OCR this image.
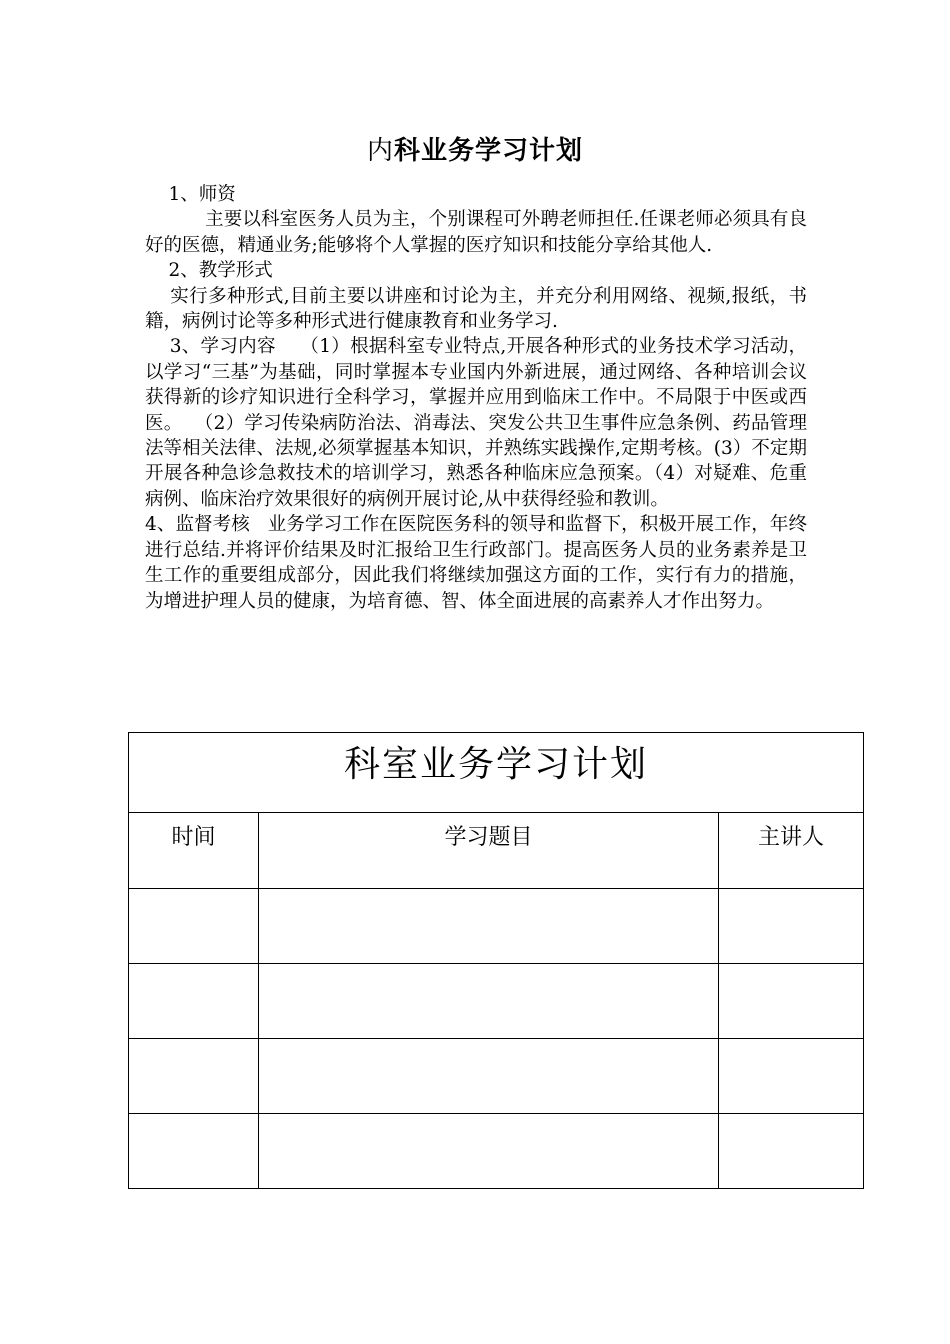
内科业务学习计划

1、师资

主要以科室医务人员为主，个别课程可外聘老师担任.任课老师必须具有良好的医德，精通业务;能够将个人掌握的医疗知识和技能分享给其他人.

2、教学形式

实行多种形式,目前主要以讲座和讨论为主，并充分利用网络、视频,报纸，书籍，病例讨论等多种形式进行健康教育和业务学习.

3、学习内容    （1）根据科室专业特点,开展各种形式的业务技术学习活动，以学习“三基”为基础，同时掌握本专业国内外新进展，通过网络、各种培训会议获得新的诊疗知识进行全科学习，掌握并应用到临床工作中。不局限于中医或西医。  （2）学习传染病防治法、消毒法、突发公共卫生事件应急条例、药品管理法等相关法律、法规,必须掌握基本知识，并熟练实践操作,定期考核。(3）不定期开展各种急诊急救技术的培训学习，熟悉各种临床应急预案。（4）对疑难、危重病例、临床治疗效果很好的病例开展讨论,从中获得经验和教训。

4、监督考核   业务学习工作在医院医务科的领导和监督下，积极开展工作，年终进行总结.并将评价结果及时汇报给卫生行政部门。提高医务人员的业务素养是卫生工作的重要组成部分，因此我们将继续加强这方面的工作，实行有力的措施，为增进护理人员的健康，为培育德、智、体全面进展的高素养人才作出努力。

科室业务学习计划		
时间	学习题目	主讲人
